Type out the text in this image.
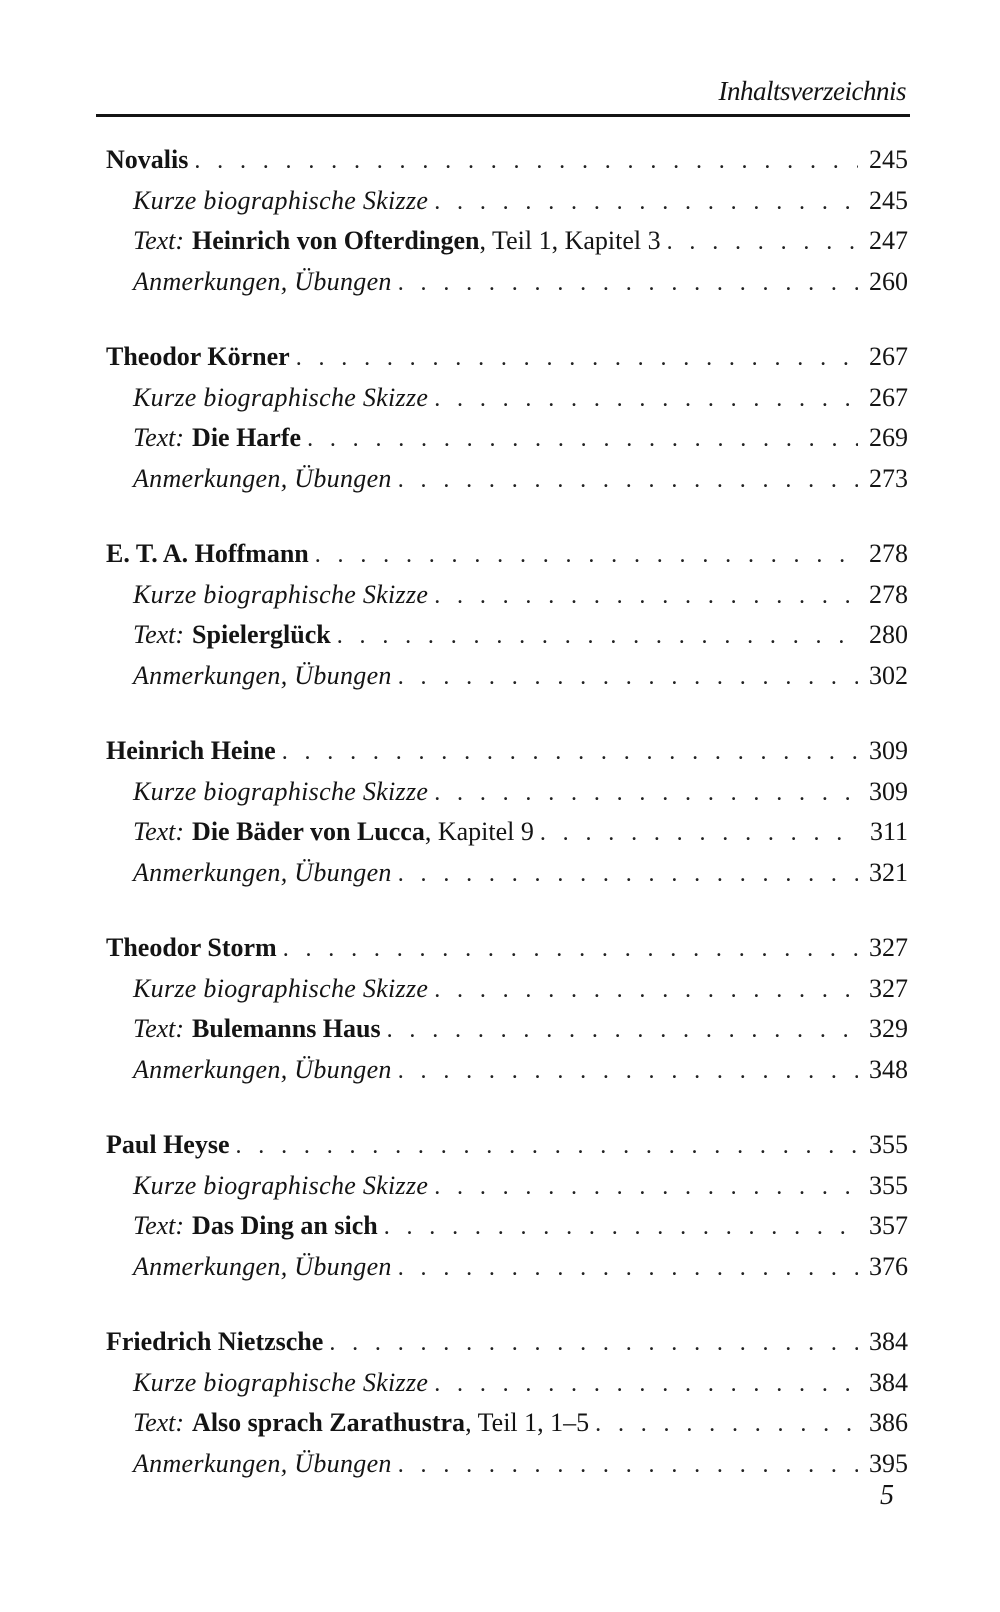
Inhaltsverzeichnis
Novalis . . .	245
Kurze biographische Skizze . . .	245
Text: Heinrich von Ofterdingen , Teil 1, Kapitel 3 . . .	247
Anmerkungen, Übungen . . .	260
Theodor Körner . . .	267
Kurze biographische Skizze . . .	267
Text: Die Harfe . . .	269
Anmerkungen, Übungen . . .	273
E. T. A. Hoffmann . . .	278
Kurze biographische Skizze . . .	278
Text: Spielerglück . . .	280
Anmerkungen, Übungen . . .	302
Heinrich Heine . . .	309
Kurze biographische Skizze . . .	309
Text: Die Bäder von Lucca , Kapitel 9 . . .	311
Anmerkungen, Übungen . . .	321
Theodor Storm . . .	327
Kurze biographische Skizze . . .	327
Text: Bulemanns Haus . . .	329
Anmerkungen, Übungen . . .	348
Paul Heyse . . .	355
Kurze biographische Skizze . . .	355
Text: Das Ding an sich . . .	357
Anmerkungen, Übungen . . .	376
Friedrich Nietzsche . . .	384
Kurze biographische Skizze . . .	384
Text: Also sprach Zarathustra , Teil 1, 1–5 . . .	386
Anmerkungen, Übungen . . .	395
5
